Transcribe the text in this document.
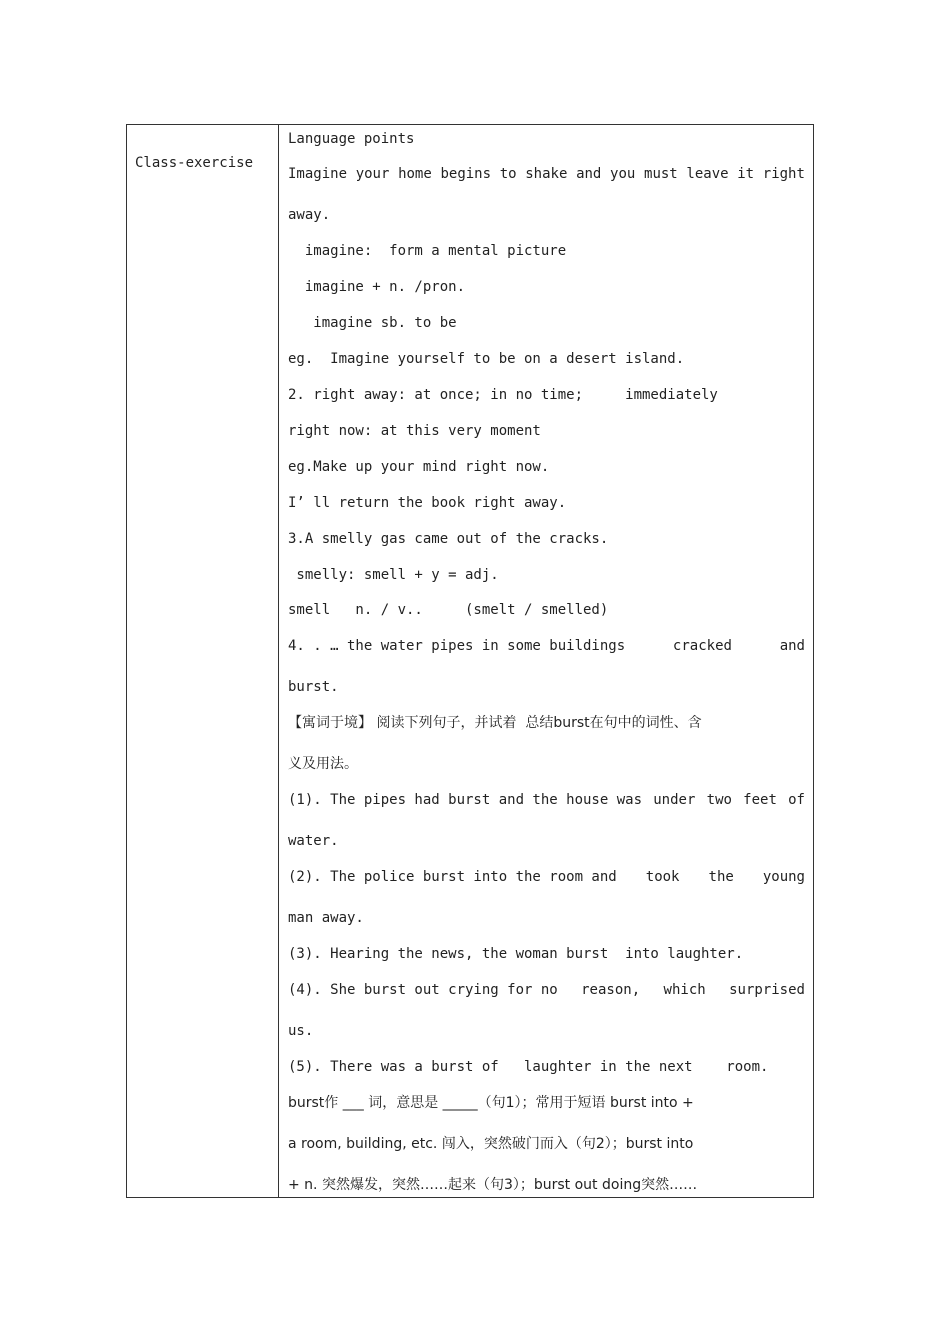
Class-exercise
Language points
Imagine your home begins to shake and you must leave it right
away.
imagine:  form a mental picture
imagine + n. /pron.
imagine sb. to be
eg.  Imagine yourself to be on a desert island.
2. right away: at once; in no time;     immediately
right now: at this very moment
eg.Make up your mind right now.
I’ ll return the book right away.
3.A smelly gas came out of the cracks.
smelly: smell + y = adj.
smell   n. / v..     (smelt / smelled)
4. . … the water pipes in some buildings	cracked	and
burst.
【寓词于境】 阅读下列句子，并试着  总结burst在句中的词性、含
义及用法。
(1). The pipes had burst and the house was under two feet of
water.
(2). The police burst into the room and took the young
man away.
(3). Hearing the news, the woman burst  into laughter.
(4). She burst out crying for no reason, which surprised
us.
(5). There was a burst of   laughter in the next    room.
burst作 ___ 词，意思是 _____（句1）；常用于短语 burst into +
a room, building, etc. 闯入，突然破门而入（句2）；burst into
+ n. 突然爆发，突然……起来（句3）；burst out doing突然……
